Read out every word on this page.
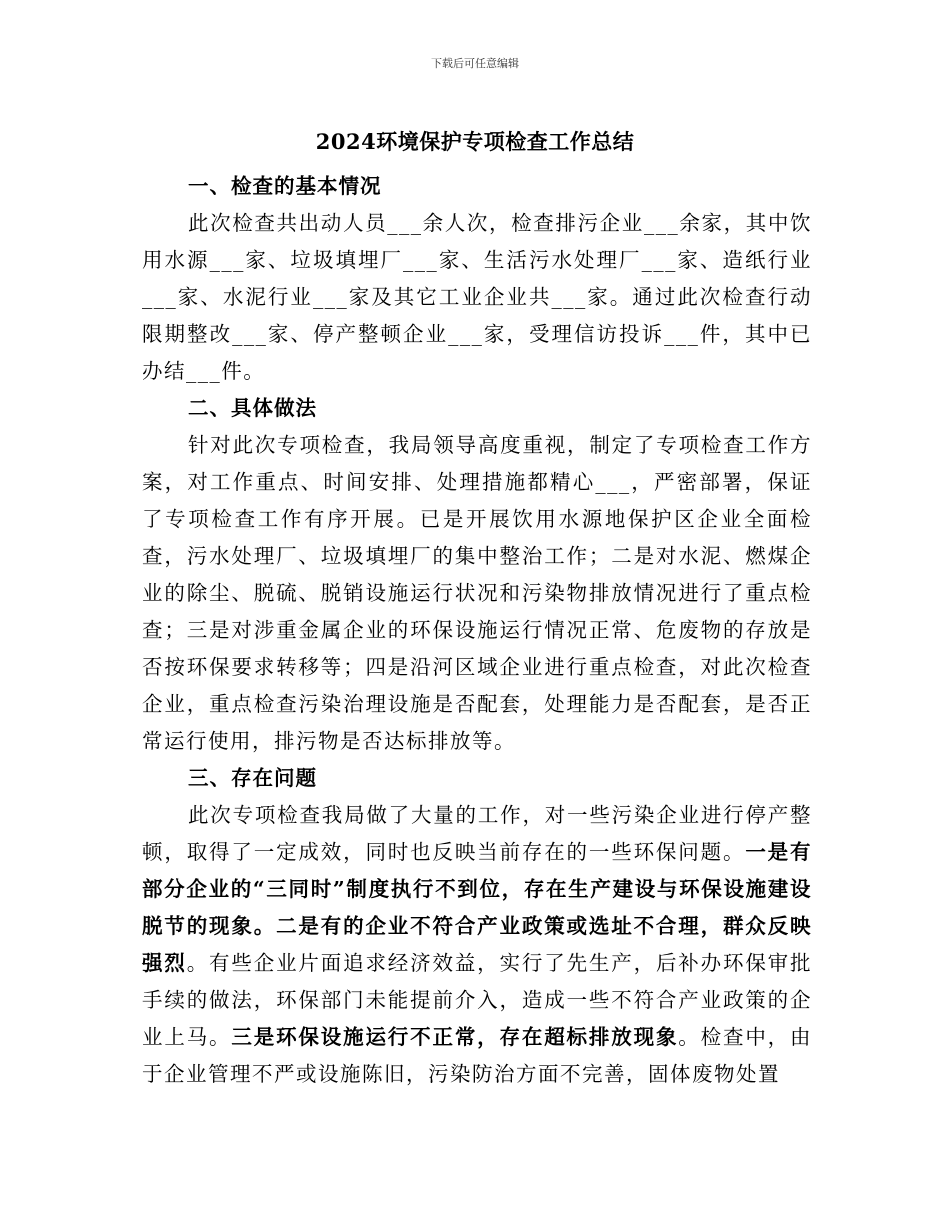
下载后可任意编辑
2024环境保护专项检查工作总结

一、检查的基本情况

此次检查共出动人员___余人次，检查排污企业___余家，其中饮用水源___家、垃圾填埋厂___家、生活污水处理厂___家、造纸行业___家、水泥行业___家及其它工业企业共___家。通过此次检查行动限期整改___家、停产整顿企业___家，受理信访投诉___件，其中已办结___件。

二、具体做法

针对此次专项检查，我局领导高度重视，制定了专项检查工作方案，对工作重点、时间安排、处理措施都精心___，严密部署，保证了专项检查工作有序开展。已是开展饮用水源地保护区企业全面检查，污水处理厂、垃圾填埋厂的集中整治工作；二是对水泥、燃煤企业的除尘、脱硫、脱销设施运行状况和污染物排放情况进行了重点检查；三是对涉重金属企业的环保设施运行情况正常、危废物的存放是否按环保要求转移等；四是沿河区域企业进行重点检查，对此次检查企业，重点检查污染治理设施是否配套，处理能力是否配套，是否正常运行使用，排污物是否达标排放等。

三、存在问题

此次专项检查我局做了大量的工作，对一些污染企业进行停产整顿，取得了一定成效，同时也反映当前存在的一些环保问题。一是有部分企业的“三同时”制度执行不到位，存在生产建设与环保设施建设脱节的现象。二是有的企业不符合产业政策或选址不合理，群众反映强烈。有些企业片面追求经济效益，实行了先生产，后补办环保审批手续的做法，环保部门未能提前介入，造成一些不符合产业政策的企业上马。三是环保设施运行不正常，存在超标排放现象。检查中，由于企业管理不严或设施陈旧，污染防治方面不完善，固体废物处置
